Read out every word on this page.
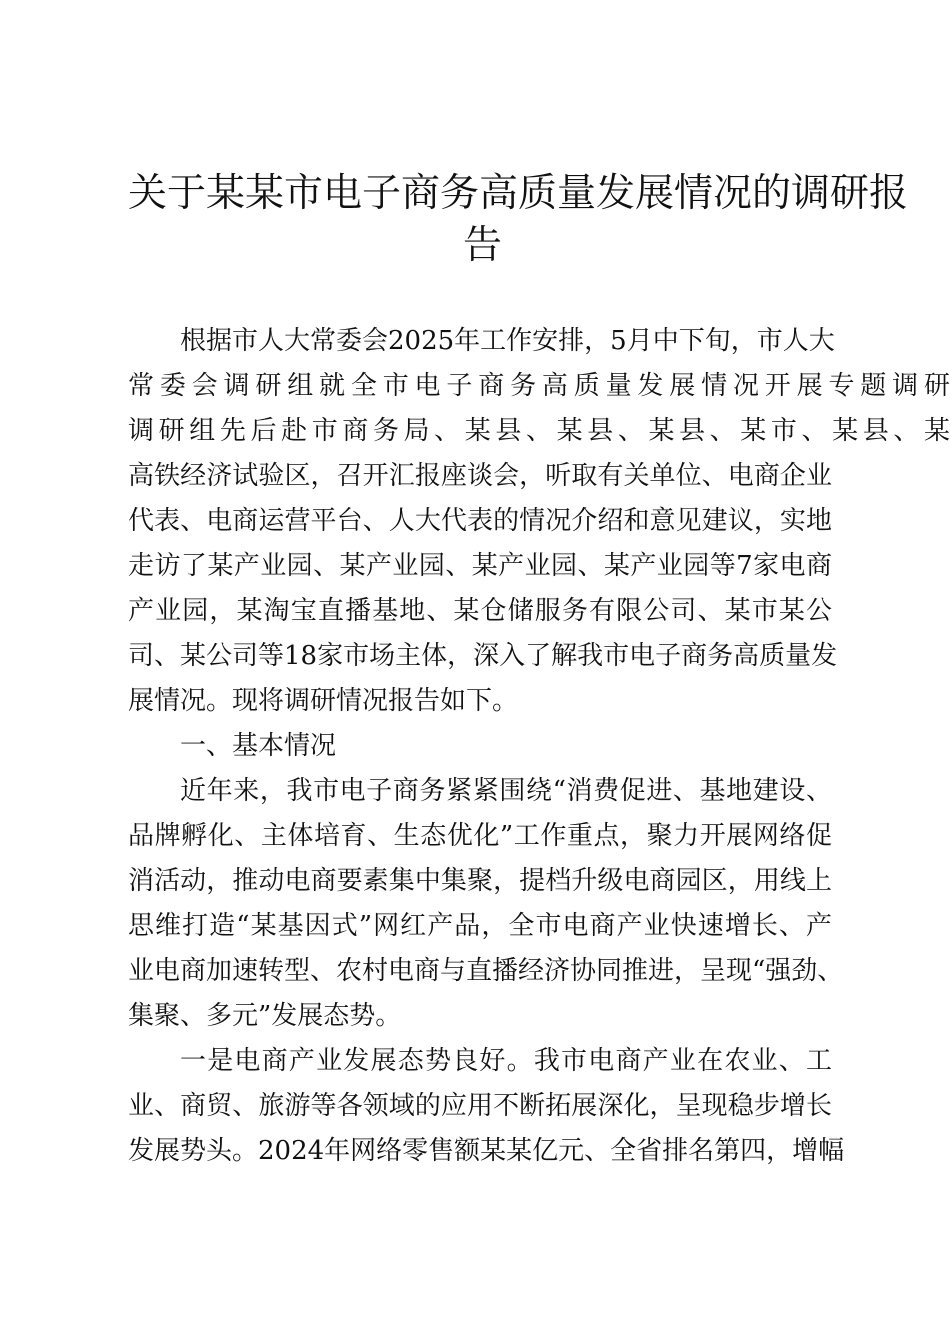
关于某某市电子商务高质量发展情况的调研报
告
根据市人大常委会2025年工作安排，5月中下旬，市人大
常委会调研组就全市电子商务高质量发展情况开展专题调研
调研组先后赴市商务局、某县、某县、某县、某市、某县、某
高铁经济试验区，召开汇报座谈会，听取有关单位、电商企业
代表、电商运营平台、人大代表的情况介绍和意见建议，实地
走访了某产业园、某产业园、某产业园、某产业园等7家电商
产业园，某淘宝直播基地、某仓储服务有限公司、某市某公
司、某公司等18家市场主体，深入了解我市电子商务高质量发
展情况。现将调研情况报告如下。
一、基本情况
近年来，我市电子商务紧紧围绕“消费促进、基地建设、
品牌孵化、主体培育、生态优化”工作重点，聚力开展网络促
消活动，推动电商要素集中集聚，提档升级电商园区，用线上
思维打造“某基因式”网红产品，全市电商产业快速增长、产
业电商加速转型、农村电商与直播经济协同推进，呈现“强劲、
集聚、多元”发展态势。
一是电商产业发展态势良好。我市电商产业在农业、工
业、商贸、旅游等各领域的应用不断拓展深化，呈现稳步增长
发展势头。2024年网络零售额某某亿元、全省排名第四，增幅
